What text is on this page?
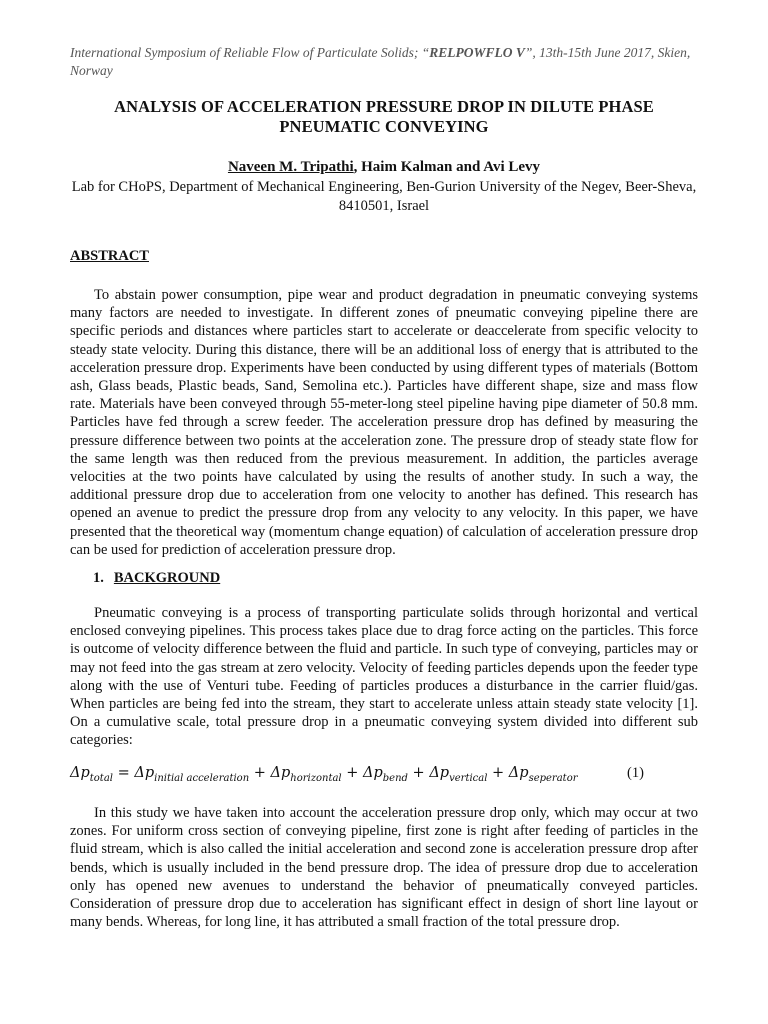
International Symposium of Reliable Flow of Particulate Solids; “RELPOWFLO V”, 13th-15th June 2017, Skien, Norway
ANALYSIS OF ACCELERATION PRESSURE DROP IN DILUTE PHASE
PNEUMATIC CONVEYING
Naveen M. Tripathi, Haim Kalman and Avi Levy
Lab for CHoPS, Department of Mechanical Engineering, Ben-Gurion University of the Negev, Beer-Sheva, 8410501, Israel
ABSTRACT
To abstain power consumption, pipe wear and product degradation in pneumatic conveying systems many factors are needed to investigate. In different zones of pneumatic conveying pipeline there are specific periods and distances where particles start to accelerate or deaccelerate from specific velocity to steady state velocity. During this distance, there will be an additional loss of energy that is attributed to the acceleration pressure drop. Experiments have been conducted by using different types of materials (Bottom ash, Glass beads, Plastic beads, Sand, Semolina etc.). Particles have different shape, size and mass flow rate. Materials have been conveyed through 55-meter-long steel pipeline having pipe diameter of 50.8 mm. Particles have fed through a screw feeder. The acceleration pressure drop has defined by measuring the pressure difference between two points at the acceleration zone. The pressure drop of steady state flow for the same length was then reduced from the previous measurement. In addition, the particles average velocities at the two points have calculated by using the results of another study. In such a way, the additional pressure drop due to acceleration from one velocity to another has defined. This research has opened an avenue to predict the pressure drop from any velocity to any velocity. In this paper, we have presented that the theoretical way (momentum change equation) of calculation of acceleration pressure drop can be used for prediction of acceleration pressure drop.
1. BACKGROUND
Pneumatic conveying is a process of transporting particulate solids through horizontal and vertical enclosed conveying pipelines. This process takes place due to drag force acting on the particles. This force is outcome of velocity difference between the fluid and particle. In such type of conveying, particles may or may not feed into the gas stream at zero velocity. Velocity of feeding particles depends upon the feeder type along with the use of Venturi tube. Feeding of particles produces a disturbance in the carrier fluid/gas. When particles are being fed into the stream, they start to accelerate unless attain steady state velocity [1]. On a cumulative scale, total pressure drop in a pneumatic conveying system divided into different sub categories:
$\Delta p_{total} = \Delta p_{initial acceleration} + \Delta p_{horizontal} + \Delta p_{bend} + \Delta p_{vertical} + \Delta p_{seperator}$	(1)
In this study we have taken into account the acceleration pressure drop only, which may occur at two zones. For uniform cross section of conveying pipeline, first zone is right after feeding of particles in the fluid stream, which is also called the initial acceleration and second zone is acceleration pressure drop after bends, which is usually included in the bend pressure drop. The idea of pressure drop due to acceleration only has opened new avenues to understand the behavior of pneumatically conveyed particles. Consideration of pressure drop due to acceleration has significant effect in design of short line layout or many bends. Whereas, for long line, it has attributed a small fraction of the total pressure drop.
